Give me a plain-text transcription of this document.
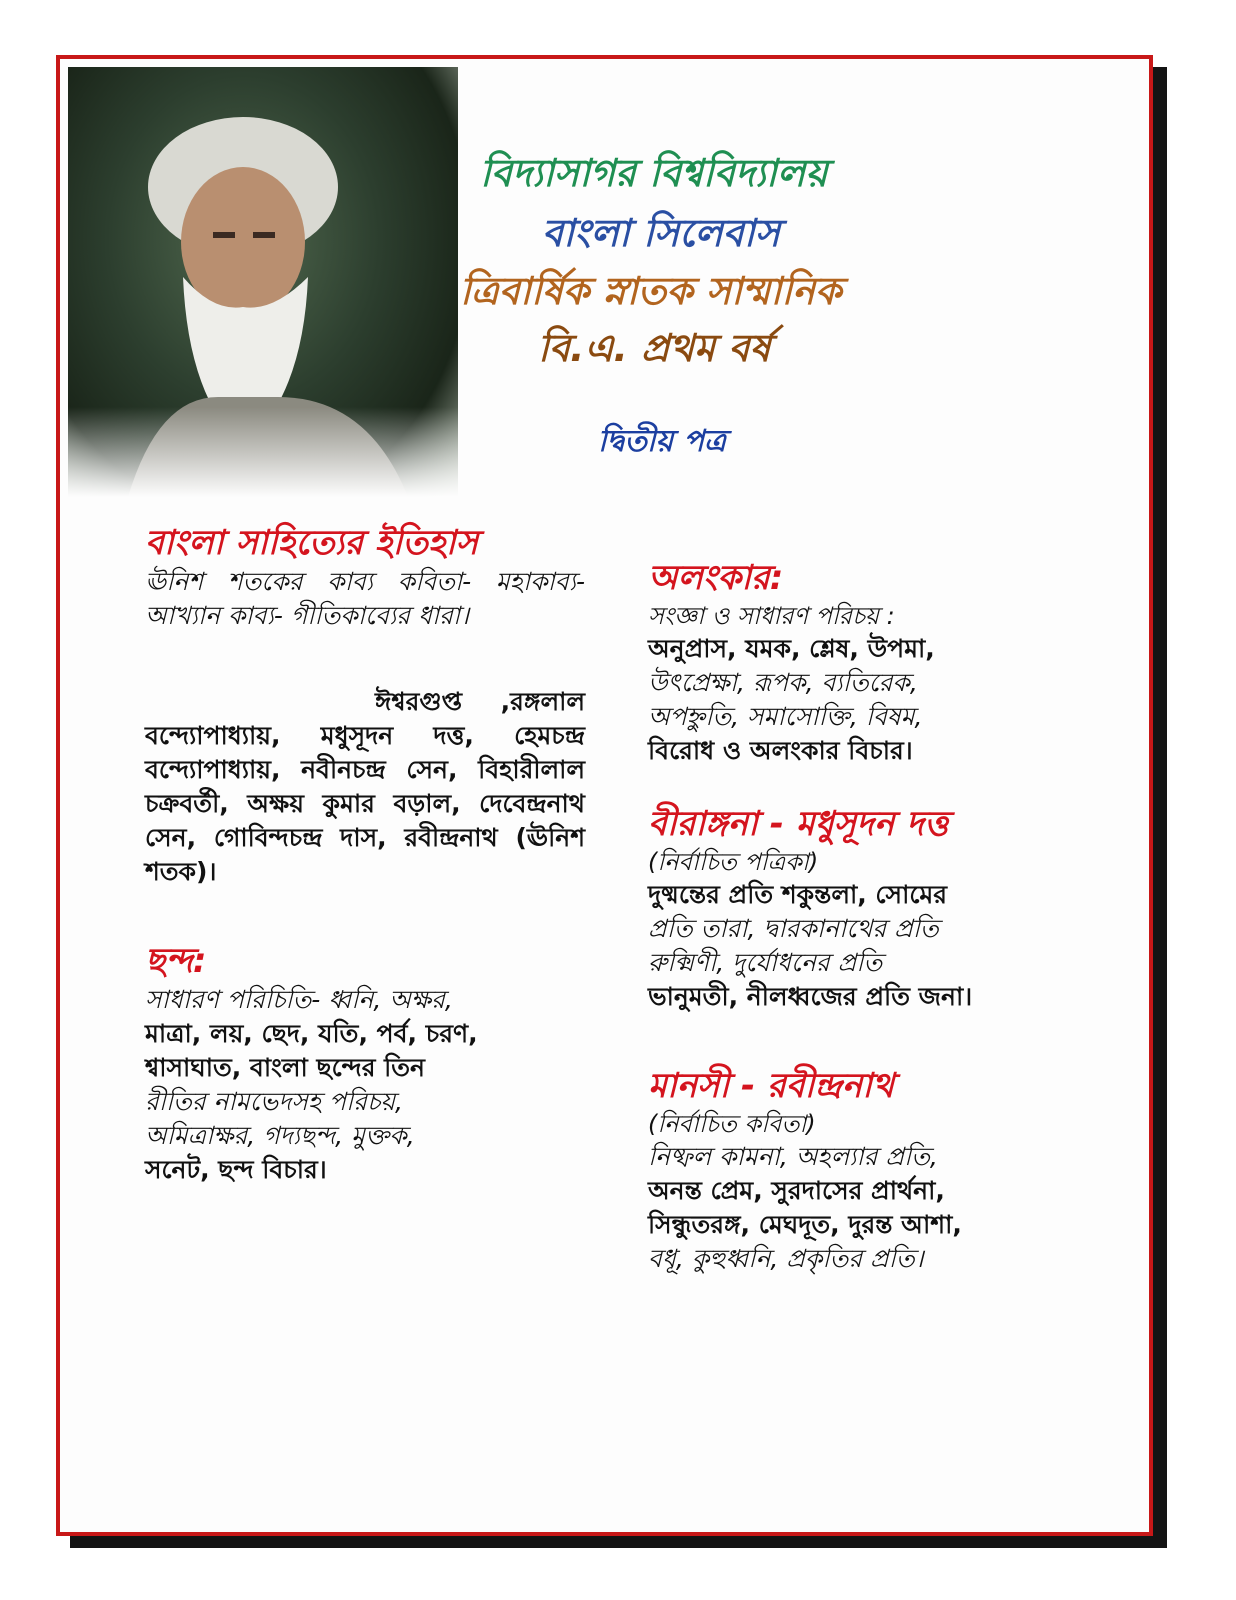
বিদ্যাসাগর বিশ্ববিদ্যালয়
বাংলা সিলেবাস
ত্রিবার্ষিক স্নাতক সাম্মানিক
বি.এ. প্রথম বর্ষ
দ্বিতীয় পত্র

বাংলা সাহিত্যের ইতিহাস

ঊনিশ শতকের কাব্য কবিতা- মহাকাব্য- আখ্যান কাব্য- গীতিকাব্যের ধারা।

ঈশ্বরগুপ্ত ,রঙ্গলাল বন্দ্যোপাধ্যায়, মধুসূদন দত্ত, হেমচন্দ্র বন্দ্যোপাধ্যায়, নবীনচন্দ্র সেন, বিহারীলাল চক্রবর্তী, অক্ষয় কুমার বড়াল, দেবেন্দ্রনাথ সেন, গোবিন্দচন্দ্র দাস, রবীন্দ্রনাথ (ঊনিশ শতক)।

ছন্দ:

সাধারণ পরিচিতি- ধ্বনি, অক্ষর,

মাত্রা, লয়, ছেদ, যতি, পর্ব, চরণ,

শ্বাসাঘাত, বাংলা ছন্দের তিন

রীতির নামভেদসহ পরিচয়,

অমিত্রাক্ষর, গদ্যছন্দ, মুক্তক,

সনেট, ছন্দ বিচার।

অলংকার:

সংজ্ঞা ও সাধারণ পরিচয় :

অনুপ্রাস, যমক, শ্লেষ, উপমা,

উৎপ্রেক্ষা, রূপক, ব্যতিরেক,

অপহ্নুতি, সমাসোক্তি, বিষম,

বিরোধ ও অলংকার বিচার।

বীরাঙ্গনা - মধুসূদন দত্ত

(নির্বাচিত পত্রিকা)

দুষ্মন্তের প্রতি শকুন্তলা, সোমের

প্রতি তারা, দ্বারকানাথের প্রতি

রুক্মিণী, দুর্যোধনের প্রতি

ভানুমতী, নীলধ্বজের প্রতি জনা।

মানসী - রবীন্দ্রনাথ

(নির্বাচিত কবিতা)

নিষ্ফল কামনা, অহল্যার প্রতি,

অনন্ত প্রেম, সুরদাসের প্রার্থনা,

সিন্ধুতরঙ্গ, মেঘদূত, দুরন্ত আশা,

বধূ, কুহুধ্বনি, প্রকৃতির প্রতি।
